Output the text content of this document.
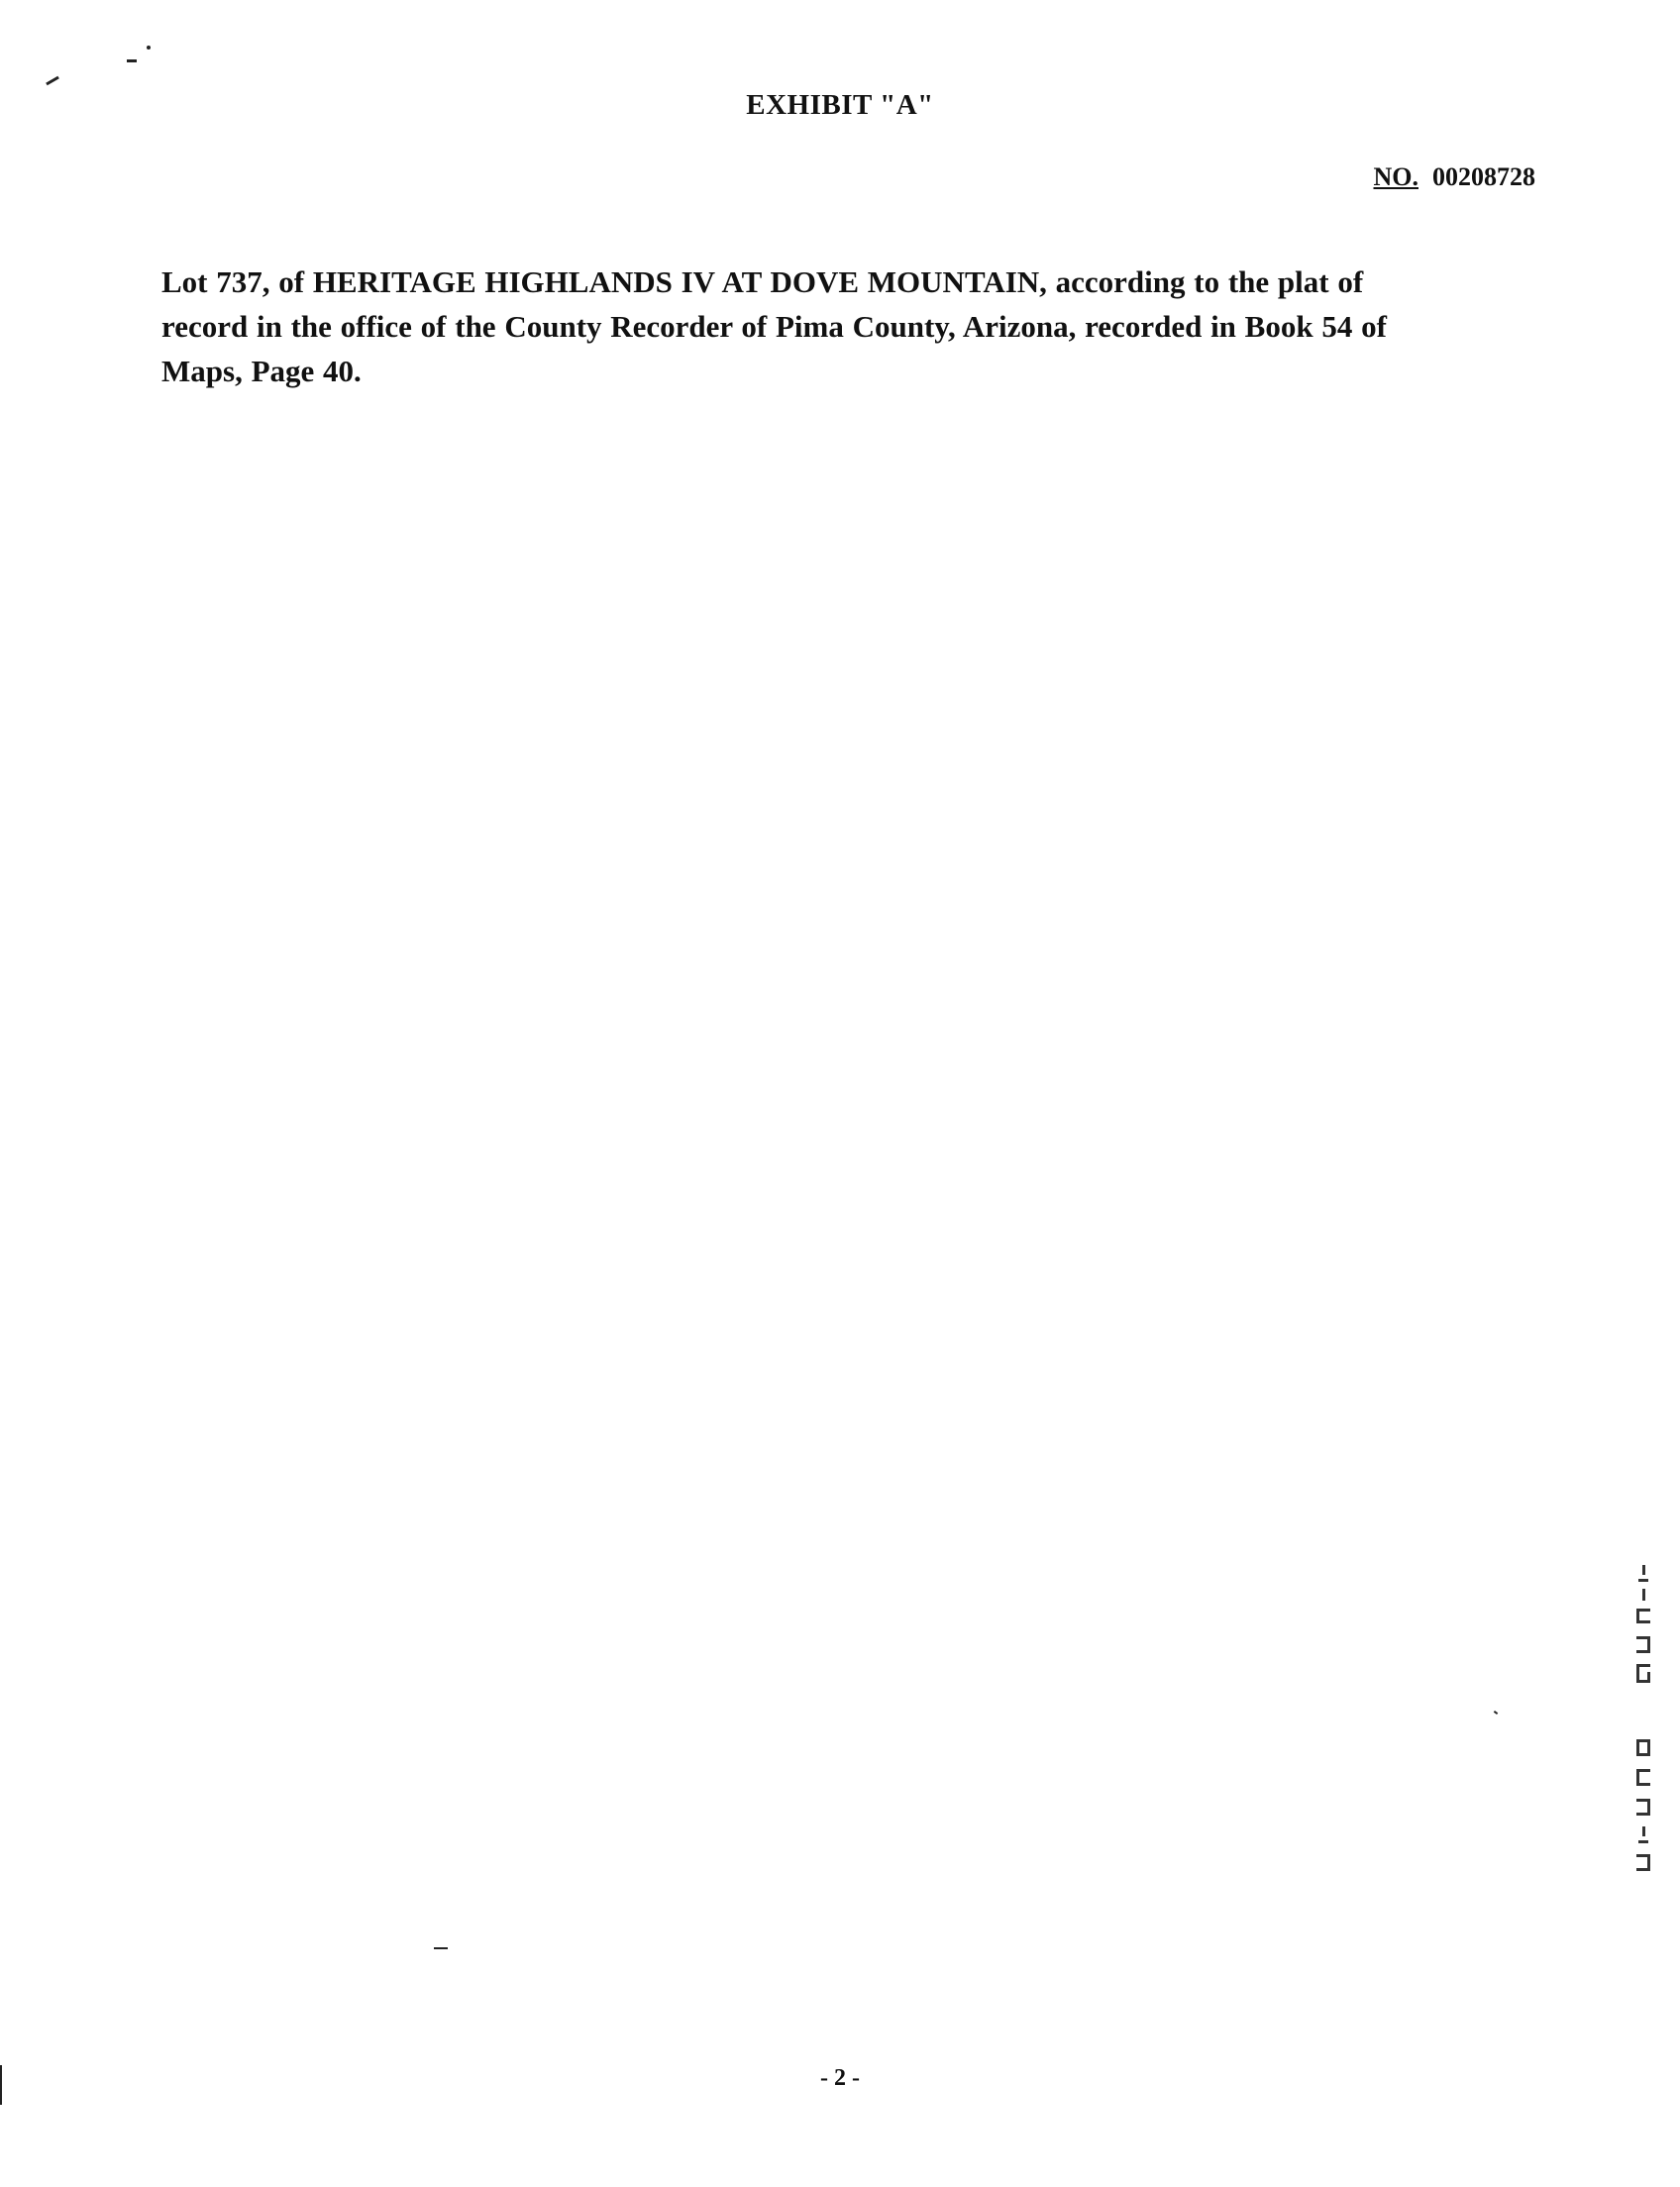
EXHIBIT "A"
NO. 00208728
Lot 737, of HERITAGE HIGHLANDS IV AT DOVE MOUNTAIN, according to the plat of
record in the office of the County Recorder of Pima County, Arizona, recorded in Book 54 of
Maps, Page 40.
- 2 -
